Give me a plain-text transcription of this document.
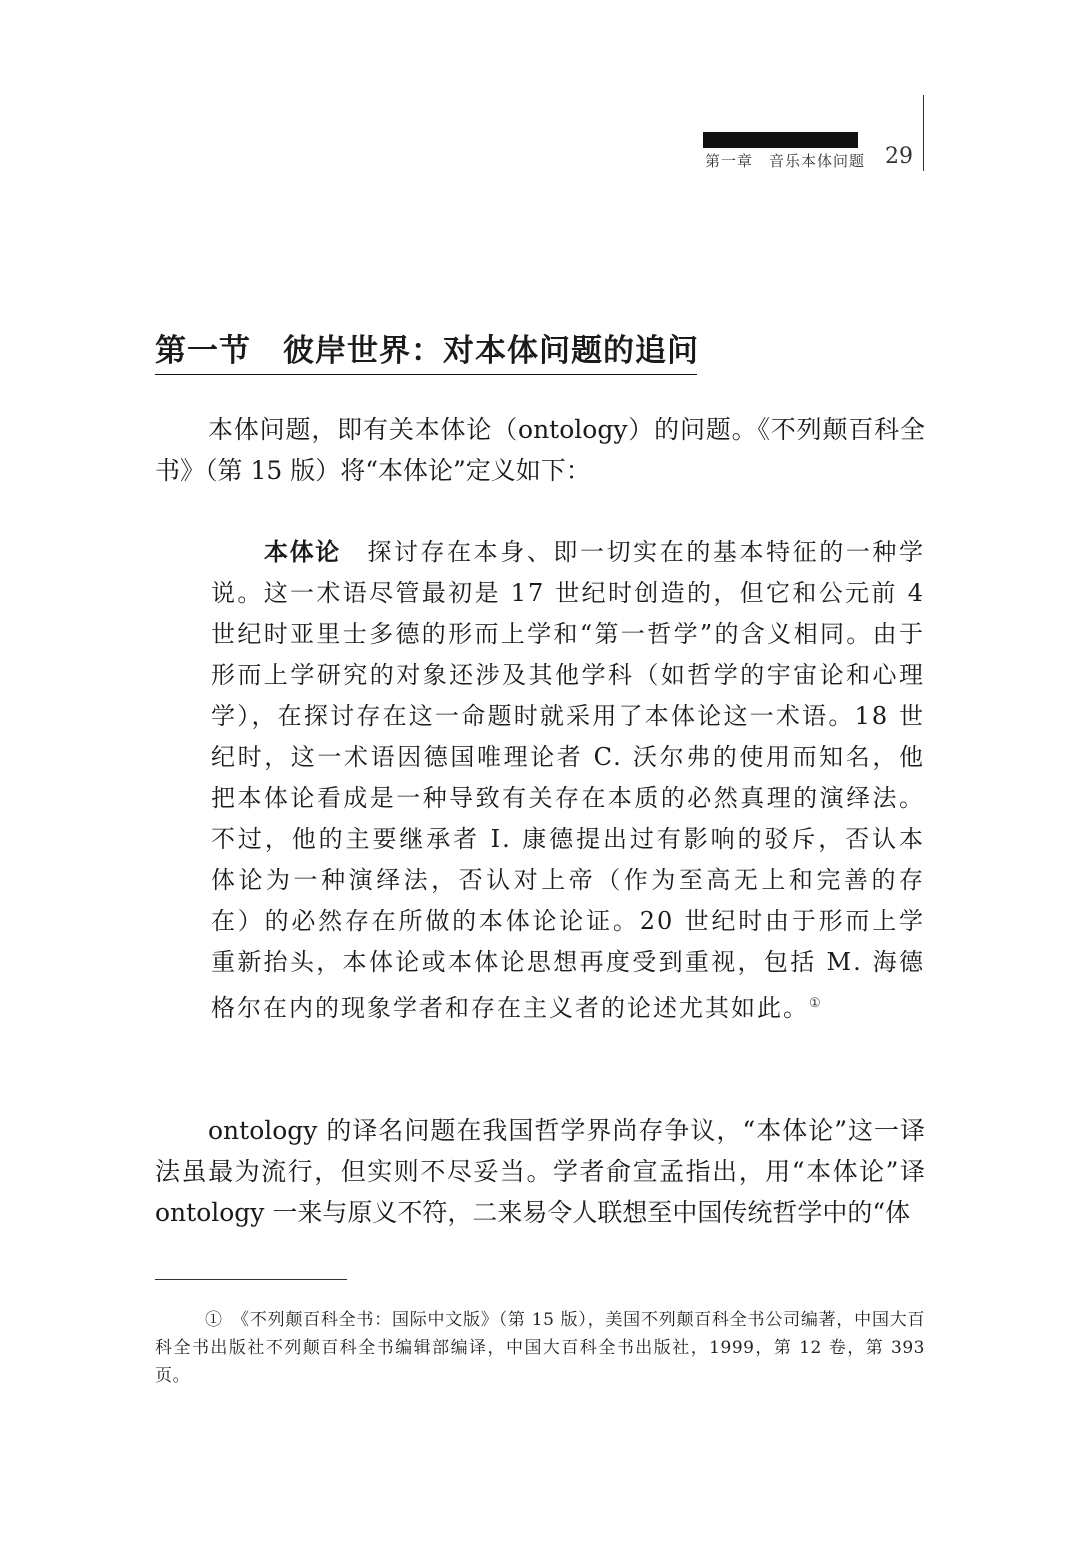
第一章　音乐本体问题 29
第一节　彼岸世界：对本体问题的追问

本体问题，即有关本体论（ontology）的问题。《不列颠百科全书》（第 15 版）将“本体论”定义如下：

本体论　探讨存在本身、即一切实在的基本特征的一种学说。这一术语尽管最初是 17 世纪时创造的，但它和公元前 4 世纪时亚里士多德的形而上学和“第一哲学”的含义相同。由于形而上学研究的对象还涉及其他学科（如哲学的宇宙论和心理学），在探讨存在这一命题时就采用了本体论这一术语。18 世纪时，这一术语因德国唯理论者 C. 沃尔弗的使用而知名，他把本体论看成是一种导致有关存在本质的必然真理的演绎法。不过，他的主要继承者 I. 康德提出过有影响的驳斥，否认本体论为一种演绎法，否认对上帝（作为至高无上和完善的存在）的必然存在所做的本体论论证。20 世纪时由于形而上学重新抬头，本体论或本体论思想再度受到重视，包括 M. 海德格尔在内的现象学者和存在主义者的论述尤其如此。①

ontology 的译名问题在我国哲学界尚存争议，“本体论”这一译法虽最为流行，但实则不尽妥当。学者俞宣孟指出，用“本体论”译 ontology 一来与原义不符，二来易令人联想至中国传统哲学中的“体

①　《不列颠百科全书：国际中文版》（第 15 版），美国不列颠百科全书公司编著，中国大百科全书出版社不列颠百科全书编辑部编译，中国大百科全书出版社，1999，第 12 卷，第 393 页。
